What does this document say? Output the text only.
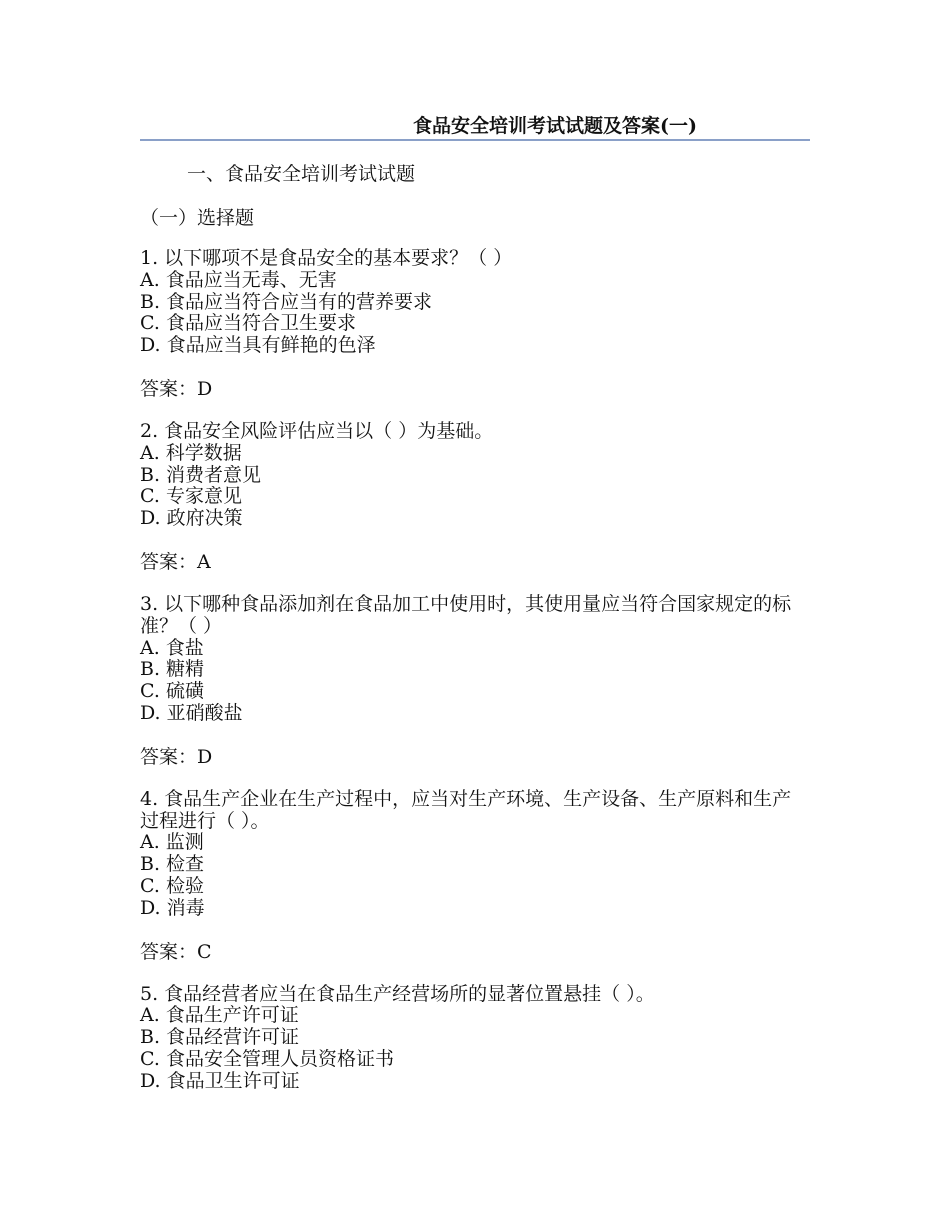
食品安全培训考试试题及答案(一)
一、食品安全培训考试试题
（一）选择题

1. 以下哪项不是食品安全的基本要求？（ ）

A. 食品应当无毒、无害

B. 食品应当符合应当有的营养要求

C. 食品应当符合卫生要求

D. 食品应当具有鲜艳的色泽

答案：D

2. 食品安全风险评估应当以（ ）为基础。

A. 科学数据

B. 消费者意见

C. 专家意见

D. 政府决策

答案：A

3. 以下哪种食品添加剂在食品加工中使用时，其使用量应当符合国家规定的标准？（ ）

A. 食盐

B. 糖精

C. 硫磺

D. 亚硝酸盐

答案：D

4. 食品生产企业在生产过程中，应当对生产环境、生产设备、生产原料和生产过程进行（ ）。

A. 监测

B. 检查

C. 检验

D. 消毒

答案：C

5. 食品经营者应当在食品生产经营场所的显著位置悬挂（ ）。

A. 食品生产许可证

B. 食品经营许可证

C. 食品安全管理人员资格证书

D. 食品卫生许可证
